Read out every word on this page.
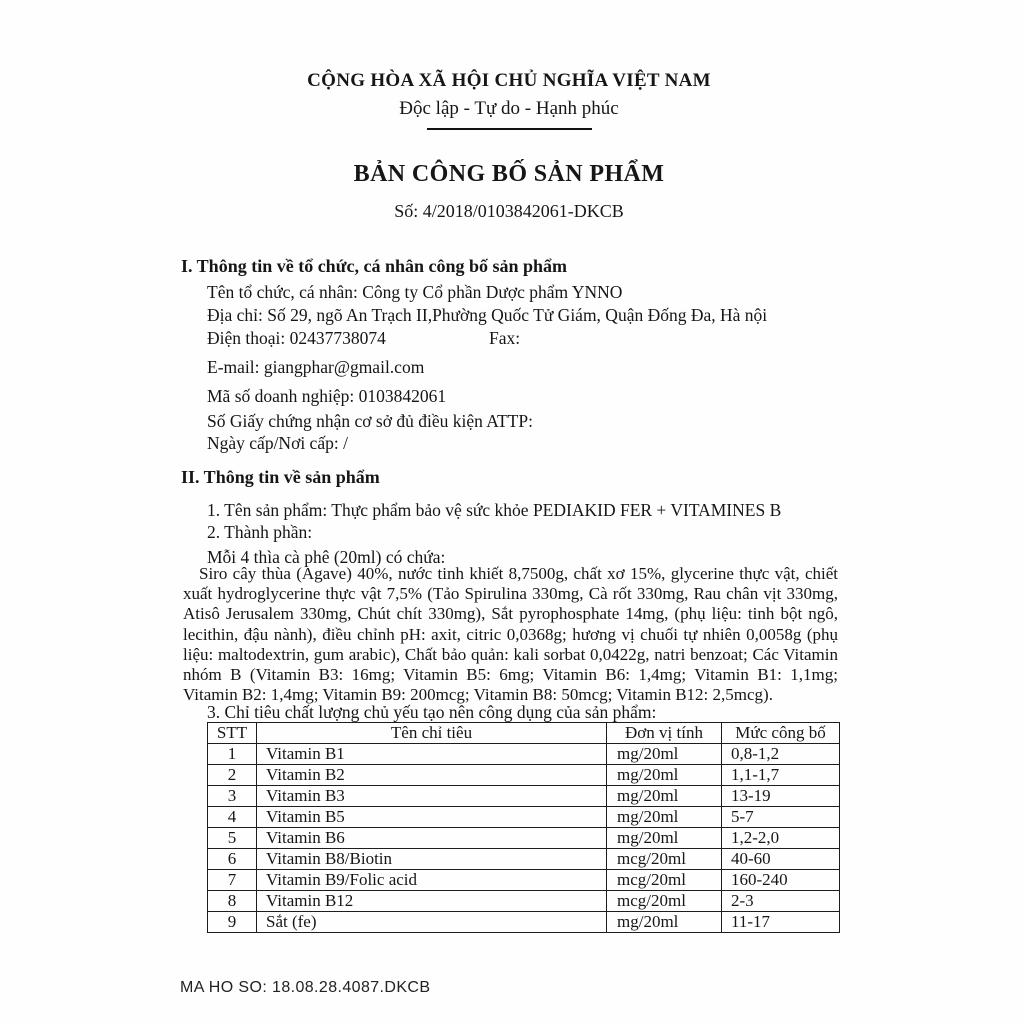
CỘNG HÒA XÃ HỘI CHỦ NGHĨA VIỆT NAM
Độc lập - Tự do - Hạnh phúc
BẢN CÔNG BỐ SẢN PHẨM
Số: 4/2018/0103842061-DKCB
I. Thông tin về tổ chức, cá nhân công bố sản phẩm
Tên tổ chức, cá nhân: Công ty Cổ phần Dược phẩm YNNO
Địa chỉ: Số 29, ngõ An Trạch II,Phường Quốc Tử Giám, Quận Đống Đa, Hà nội
Điện thoại: 02437738074	Fax:
E-mail: giangphar@gmail.com
Mã số doanh nghiệp: 0103842061
Số Giấy chứng nhận cơ sở đủ điều kiện ATTP:
Ngày cấp/Nơi cấp: /
II. Thông tin về sản phẩm
1. Tên sản phẩm: Thực phẩm bảo vệ sức khỏe PEDIAKID FER + VITAMINES B
2. Thành phần:
Mỗi 4 thìa cà phê (20ml) có chứa:
Siro cây thùa (Agave) 40%, nước tinh khiết 8,7500g, chất xơ 15%, glycerine thực vật, chiết xuất hydroglycerine thực vật 7,5% (Tảo Spirulina 330mg, Cà rốt 330mg, Rau chân vịt 330mg, Atisô Jerusalem 330mg, Chút chít 330mg), Sắt pyrophosphate 14mg, (phụ liệu: tinh bột ngô, lecithin, đậu nành), điều chỉnh pH: axit, citric 0,0368g; hương vị chuối tự nhiên 0,0058g (phụ liệu: maltodextrin, gum arabic), Chất bảo quản: kali sorbat 0,0422g, natri benzoat; Các Vitamin nhóm B (Vitamin B3: 16mg; Vitamin B5: 6mg; Vitamin B6: 1,4mg; Vitamin B1: 1,1mg; Vitamin B2: 1,4mg; Vitamin B9: 200mcg; Vitamin B8: 50mcg; Vitamin B12: 2,5mcg).
3. Chỉ tiêu chất lượng chủ yếu tạo nên công dụng của sản phẩm:
STT	Tên chỉ tiêu	Đơn vị tính	Mức công bố
1	Vitamin B1	mg/20ml	0,8-1,2
2	Vitamin B2	mg/20ml	1,1-1,7
3	Vitamin B3	mg/20ml	13-19
4	Vitamin B5	mg/20ml	5-7
5	Vitamin B6	mg/20ml	1,2-2,0
6	Vitamin B8/Biotin	mcg/20ml	40-60
7	Vitamin B9/Folic acid	mcg/20ml	160-240
8	Vitamin B12	mcg/20ml	2-3
9	Sắt (fe)	mg/20ml	11-17
MA HO SO: 18.08.28.4087.DKCB
